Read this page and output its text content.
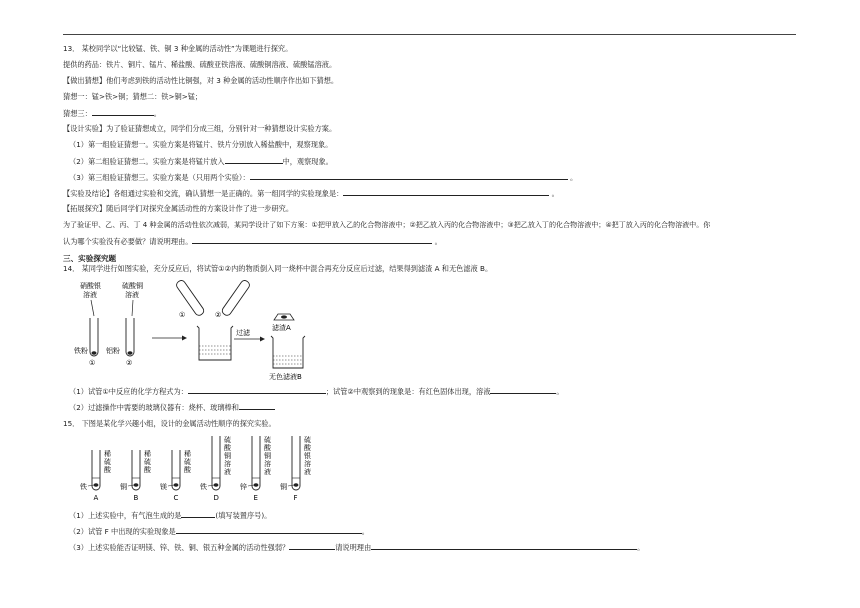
13． 某校同学以“比较锰、铁、铜 3 种金属的活动性”为课题进行探究。
提供的药品：铁片、铜片、锰片、稀盐酸、硫酸亚铁溶液、硫酸铜溶液、硫酸锰溶液。
【做出猜想】他们考虑到铁的活动性比铜强，对 3 种金属的活动性顺序作出如下猜想。
猜想一：锰>铁>铜；猜想二：铁>铜>锰；
猜想三：	。
【设计实验】为了验证猜想成立，同学们分成三组，分别针对一种猜想设计实验方案。
（1）第一组验证猜想一。实验方案是将锰片、铁片分别放入稀盐酸中，观察现象。
（2）第二组验证猜想二。实验方案是将锰片放入	中，观察现象。
（3）第三组验证猜想三。实验方案是（只用两个实验）：	。
【实验及结论】各组通过实验和交流，确认猜想一是正确的。第一组同学的实验现象是：	。
【拓展探究】随后同学们对探究金属活动性的方案设计作了进一步研究。
为了验证甲、乙、丙、丁 4 种金属的活动性依次减弱，某同学设计了如下方案：①把甲放入乙的化合物溶液中；②把乙放入丙的化合物溶液中；③把乙放入丁的化合物溶液中；④把丁放入丙的化合物溶液中。你
认为哪个实验没有必要做？请说明理由。	。
三、实验探究题
14． 某同学进行如图实验，充分反应后，将试管①②内的物质倒入同一烧杯中混合再充分反应后过滤，结果得到滤渣 A 和无色滤液 B。
硝酸银
溶液
铁粉
①
硫酸铜
溶液
铝粉
②
①	②
过滤
滤渣A
无色滤液B
（1）试管①中反应的化学方程式为：	；试管②中观察到的现象是：有红色固体出现，溶液	。
（2）过滤操作中需要的玻璃仪器有：烧杯、玻璃棒和
15． 下图是某化学兴趣小组，设计的金属活动性顺序的探究实验。
稀
硫
酸
铁
A
稀
硫
酸
铜
B
稀
硫
酸
镁
C
硫
酸
铜
溶
液
铁
D
硫
酸
铜
溶
液
锌
E
硫
酸
银
溶
液
铜
F
（1）上述实验中，有气泡生成的是	(填写装置序号)。
（2）试管 F 中出现的实验现象是	。
（3）上述实验能否证明镁、锌、铁、铜、银五种金属的活动性强弱？	请说明理由	。
